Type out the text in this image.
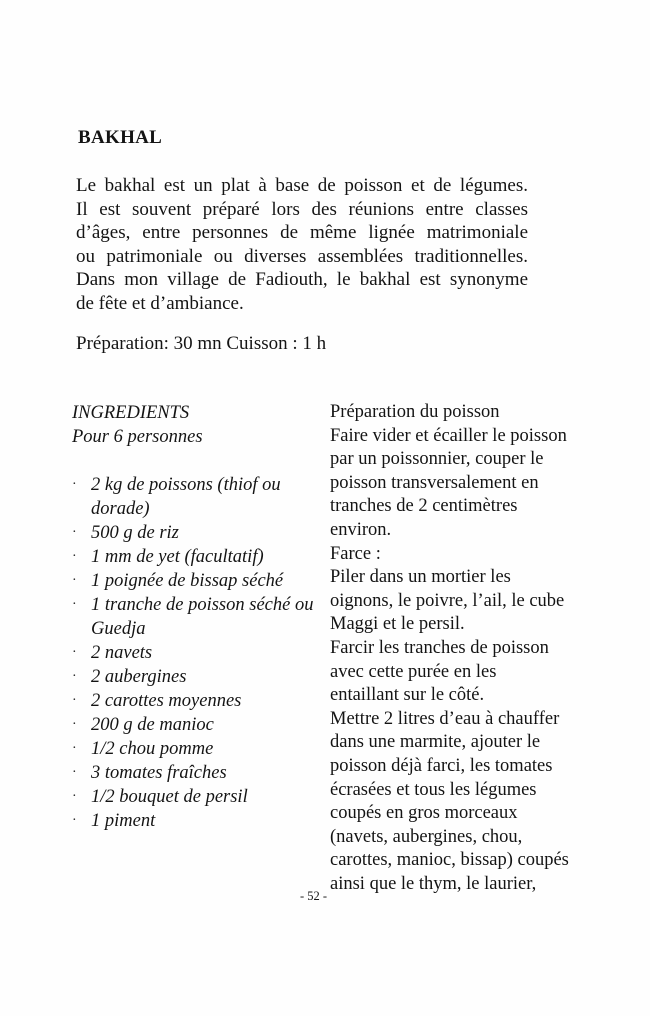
BAKHAL

Le bakhal est un plat à base de poisson et de légumes.
Il est souvent préparé lors des réunions entre classes
d’âges, entre personnes de même lignée matrimoniale
ou patrimoniale ou diverses assemblées traditionnelles.
Dans mon village de Fadiouth, le bakhal est synonyme
de fête et d’ambiance.

Préparation: 30 mn Cuisson : 1 h

INGREDIENTS
Pour 6 personnes
· 2 kg de poissons (thiof ou dorade)
· 500 g de riz
· 1 mm de yet (facultatif)
· 1 poignée de bissap séché
· 1 tranche de poisson séché ou Guedja
· 2 navets
· 2 aubergines
· 2 carottes moyennes
· 200 g de manioc
· 1/2 chou pomme
· 3 tomates fraîches
· 1/2 bouquet de persil
· 1 piment
Préparation du poisson
Faire vider et écailler le poisson
par un poissonnier, couper le
poisson transversalement en
tranches de 2 centimètres
environ.
Farce :
Piler dans un mortier les
oignons, le poivre, l’ail, le cube
Maggi et le persil.
Farcir les tranches de poisson
avec cette purée en les
entaillant sur le côté.
Mettre 2 litres d’eau à chauffer
dans une marmite, ajouter le
poisson déjà farci, les tomates
écrasées et tous les légumes
coupés en gros morceaux
(navets, aubergines, chou,
carottes, manioc, bissap) coupés
ainsi que le thym, le laurier,
- 52 -
